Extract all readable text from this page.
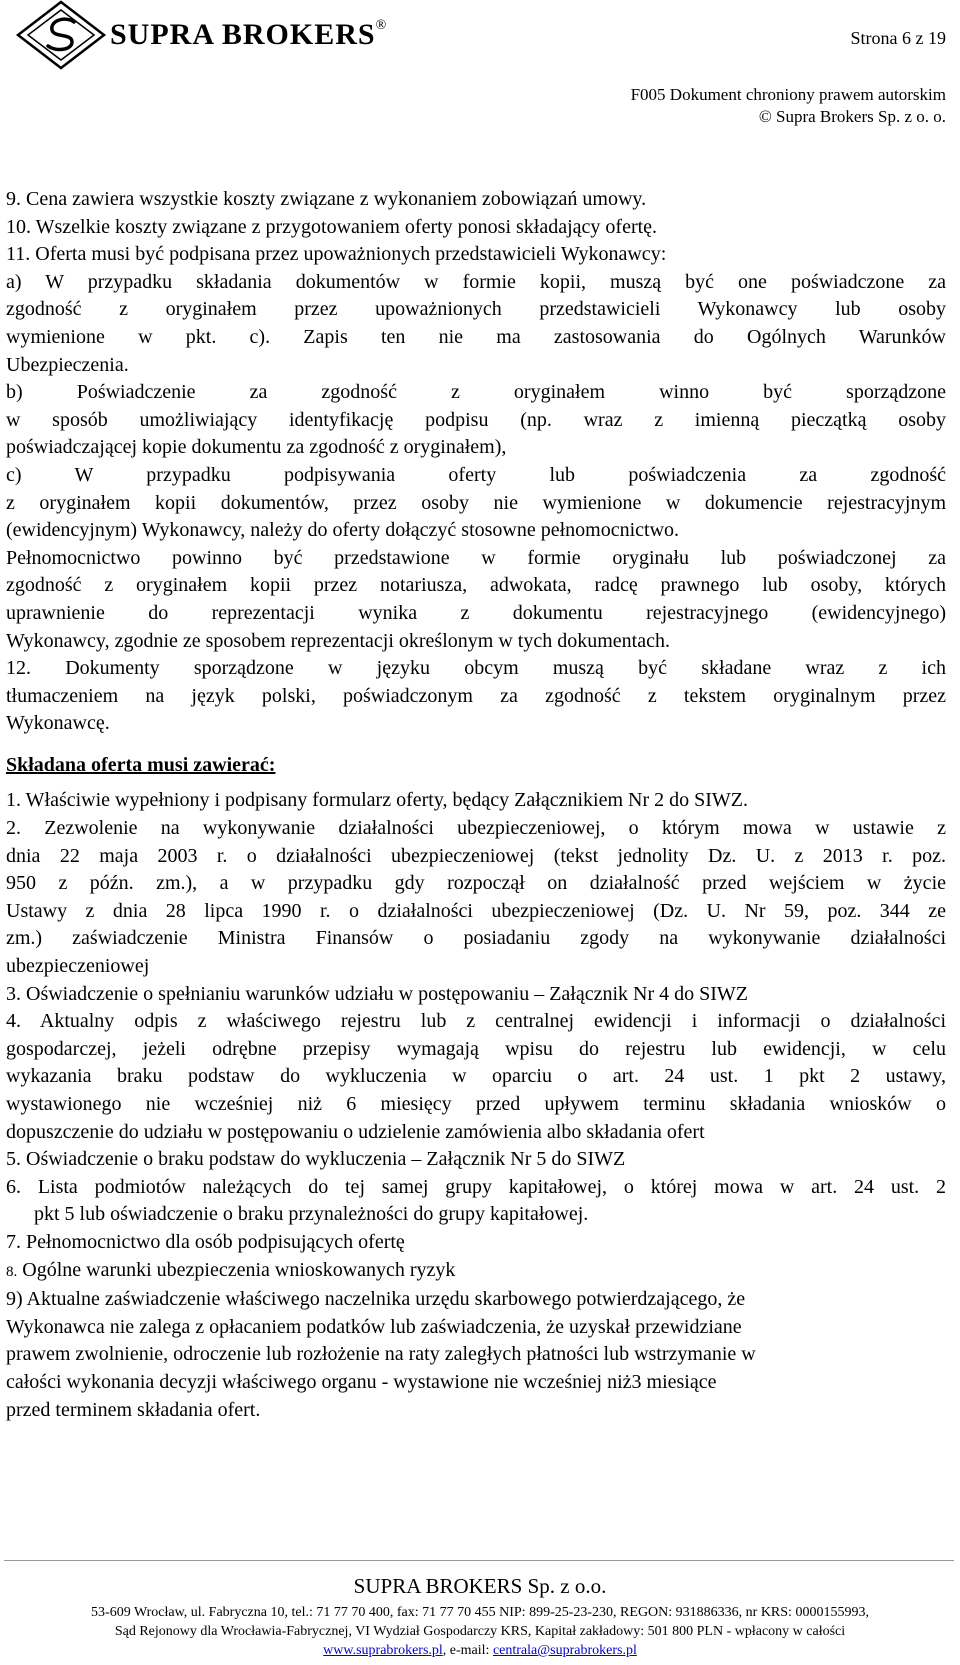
SUPRA BROKERS®
Strona 6 z 19
F005 Dokument chroniony prawem autorskim
© Supra Brokers Sp. z o. o.

9. Cena zawiera wszystkie koszty związane z wykonaniem zobowiązań umowy.

10. Wszelkie koszty związane z przygotowaniem oferty ponosi składający ofertę.

11. Oferta musi być podpisana przez upoważnionych przedstawicieli Wykonawcy:

a) W przypadku składania dokumentów w formie kopii, muszą być one poświadczone za

zgodność z oryginałem przez upoważnionych przedstawicieli Wykonawcy lub osoby

wymienione w pkt. c). Zapis ten nie ma zastosowania do Ogólnych Warunków

Ubezpieczenia.

b) Poświadczenie za zgodność z oryginałem winno być sporządzone

w sposób umożliwiający identyfikację podpisu (np. wraz z imienną pieczątką osoby

poświadczającej kopie dokumentu za zgodność z oryginałem),

c) W przypadku podpisywania oferty lub poświadczenia za zgodność

z oryginałem kopii dokumentów, przez osoby nie wymienione w dokumencie rejestracyjnym

(ewidencyjnym) Wykonawcy, należy do oferty dołączyć stosowne pełnomocnictwo.

Pełnomocnictwo powinno być przedstawione w formie oryginału lub poświadczonej za

zgodność z oryginałem kopii przez notariusza, adwokata, radcę prawnego lub osoby, których

uprawnienie do reprezentacji wynika z dokumentu rejestracyjnego (ewidencyjnego)

Wykonawcy, zgodnie ze sposobem reprezentacji określonym w tych dokumentach.

12. Dokumenty sporządzone w języku obcym muszą być składane wraz z ich

tłumaczeniem na język polski, poświadczonym za zgodność z tekstem oryginalnym przez

Wykonawcę.

Składana oferta musi zawierać:

1. Właściwie wypełniony i podpisany formularz oferty, będący Załącznikiem Nr 2 do SIWZ.

2. Zezwolenie na wykonywanie działalności ubezpieczeniowej, o którym mowa w ustawie z

dnia 22 maja 2003 r. o działalności ubezpieczeniowej (tekst jednolity Dz. U. z 2013 r. poz.

950 z późn. zm.), a w przypadku gdy rozpoczął on działalność przed wejściem w życie

Ustawy z dnia 28 lipca 1990 r. o działalności ubezpieczeniowej (Dz. U. Nr 59, poz. 344 ze

zm.) zaświadczenie Ministra Finansów o posiadaniu zgody na wykonywanie działalności

ubezpieczeniowej

3. Oświadczenie o spełnianiu warunków udziału w postępowaniu – Załącznik Nr 4 do SIWZ

4. Aktualny odpis z właściwego rejestru lub z centralnej ewidencji i informacji o działalności

gospodarczej, jeżeli odrębne przepisy wymagają wpisu do rejestru lub ewidencji, w celu

wykazania braku podstaw do wykluczenia w oparciu o art. 24 ust. 1 pkt 2 ustawy,

wystawionego nie wcześniej niż 6 miesięcy przed upływem terminu składania wniosków o

dopuszczenie do udziału w postępowaniu o udzielenie zamówienia albo składania ofert

5. Oświadczenie o braku podstaw do wykluczenia – Załącznik Nr 5 do SIWZ

6. Lista podmiotów należących do tej samej grupy kapitałowej, o której mowa w art. 24 ust. 2

pkt 5 lub oświadczenie o braku przynależności do grupy kapitałowej.

7. Pełnomocnictwo dla osób podpisujących ofertę

8. Ogólne warunki ubezpieczenia wnioskowanych ryzyk

9) Aktualne zaświadczenie właściwego naczelnika urzędu skarbowego potwierdzającego, że

Wykonawca nie zalega z opłacaniem podatków lub zaświadczenia, że uzyskał przewidziane

prawem zwolnienie, odroczenie lub rozłożenie na raty zaległych płatności lub wstrzymanie w

całości wykonania decyzji właściwego organu - wystawione nie wcześniej niż3 miesiące

przed terminem składania ofert.

SUPRA BROKERS Sp. z o.o.
53-609 Wrocław, ul. Fabryczna 10, tel.: 71 77 70 400, fax: 71 77 70 455 NIP: 899-25-23-230, REGON: 931886336, nr KRS: 0000155993,
Sąd Rejonowy dla Wrocławia-Fabrycznej, VI Wydział Gospodarczy KRS, Kapitał zakładowy: 501 800 PLN - wpłacony w całości
www.suprabrokers.pl, e-mail: centrala@suprabrokers.pl
